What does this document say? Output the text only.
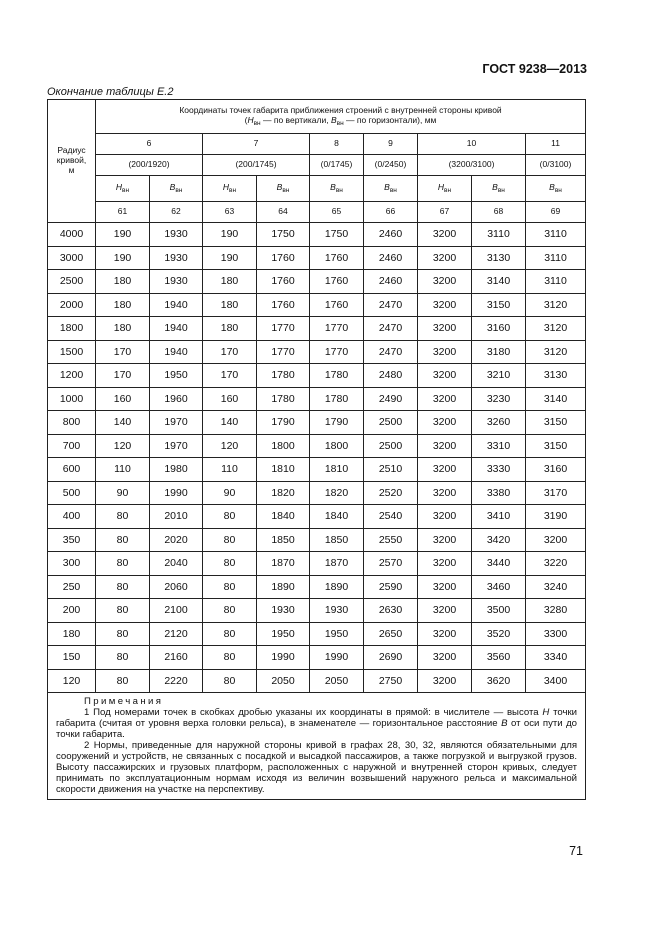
ГОСТ 9238—2013
Окончание таблицы Е.2
Радиус
кривой,
м	Координаты точек габарита приближения строений с внутренней стороны кривой
($H_{вн}$ — по вертикали, $B_{вн}$ — по горизонтали), мм								
	6		7		8	9	10		11
	(200/1920)		(200/1745)		(0/1745)	(0/2450)	(3200/3100)		(0/3100)
	$H_{вн}$	$B_{вн}$	$H_{вн}$	$B_{вн}$	$B_{вн}$	$B_{вн}$	$H_{вн}$	$B_{вн}$	$B_{вн}$
	61	62	63	64	65	66	67	68	69
4000	190	1930	190	1750	1750	2460	3200	3110	3110
3000	190	1930	190	1760	1760	2460	3200	3130	3110
2500	180	1930	180	1760	1760	2460	3200	3140	3110
2000	180	1940	180	1760	1760	2470	3200	3150	3120
1800	180	1940	180	1770	1770	2470	3200	3160	3120
1500	170	1940	170	1770	1770	2470	3200	3180	3120
1200	170	1950	170	1780	1780	2480	3200	3210	3130
1000	160	1960	160	1780	1780	2490	3200	3230	3140
800	140	1970	140	1790	1790	2500	3200	3260	3150
700	120	1970	120	1800	1800	2500	3200	3310	3150
600	110	1980	110	1810	1810	2510	3200	3330	3160
500	90	1990	90	1820	1820	2520	3200	3380	3170
400	80	2010	80	1840	1840	2540	3200	3410	3190
350	80	2020	80	1850	1850	2550	3200	3420	3200
300	80	2040	80	1870	1870	2570	3200	3440	3220
250	80	2060	80	1890	1890	2590	3200	3460	3240
200	80	2100	80	1930	1930	2630	3200	3500	3280
180	80	2120	80	1950	1950	2650	3200	3520	3300
150	80	2160	80	1990	1990	2690	3200	3560	3340
120	80	2220	80	2050	2050	2750	3200	3620	3400

Примечания

1 Под номерами точек в скобках дробью указаны их координаты в прямой: в числителе — высота H точки габарита (считая от уровня верха головки рельса), в знаменателе — горизонтальное расстояние B от оси пути до точки габарита.

2 Нормы, приведенные для наружной стороны кривой в графах 28, 30, 32, являются обязательными для сооружений и устройств, не связанных с посадкой и высадкой пассажиров, а также погрузкой и выгрузкой грузов. Высоту пассажирских и грузовых платформ, расположенных с наружной и внутренней сторон кривых, следует принимать по эксплуатационным нормам исходя из величин возвышений наружного рельса и максимальной скорости движения на участке на перспективу.									

71
